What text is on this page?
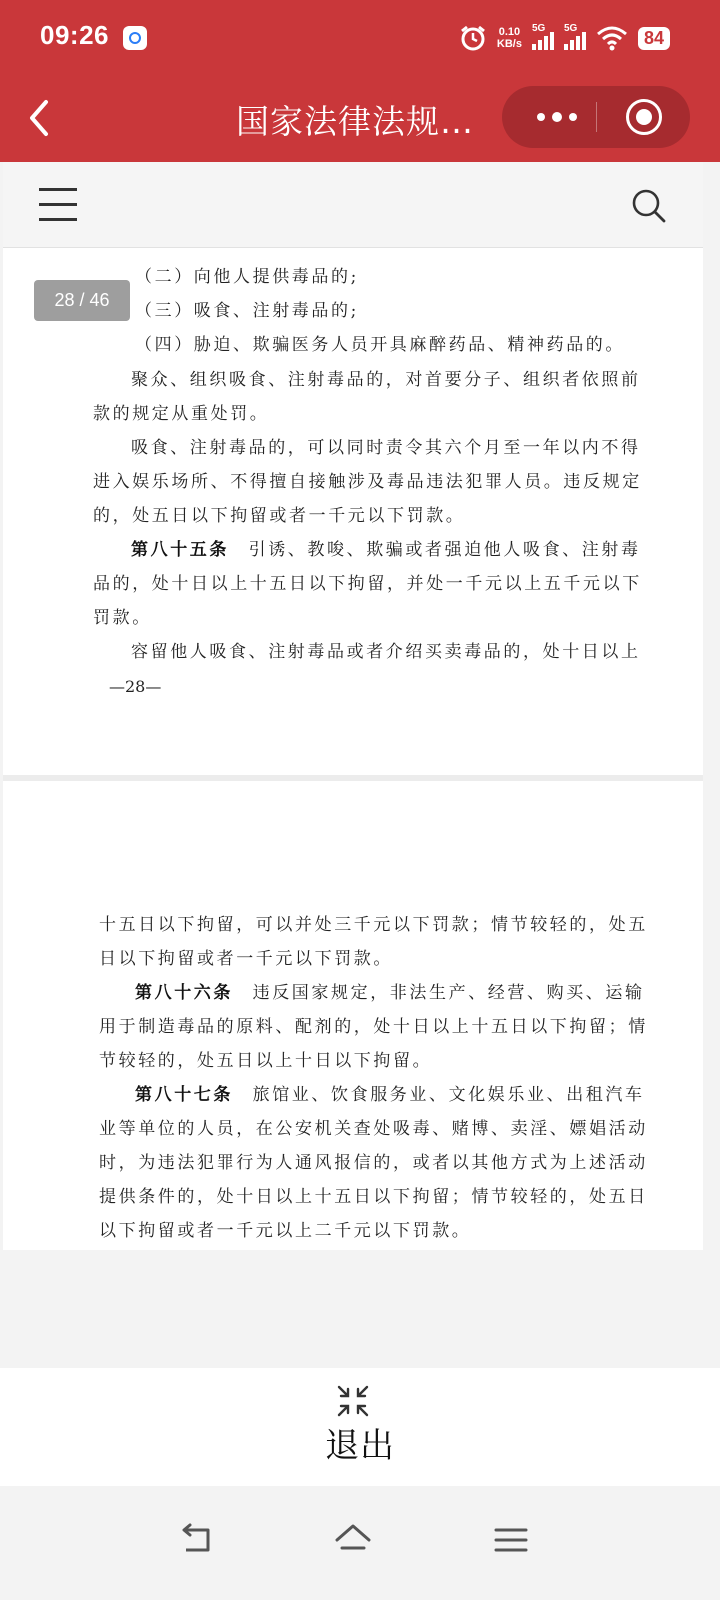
09:26	0.10
KB/s
5G 5G	84
国家法律法规…
（二）向他人提供毒品的;
（三）吸食、注射毒品的;
（四）胁迫、欺骗医务人员开具麻醉药品、精神药品的。
聚众、组织吸食、注射毒品的，对首要分子、组织者依照前
款的规定从重处罚。
吸食、注射毒品的，可以同时责令其六个月至一年以内不得
进入娱乐场所、不得擅自接触涉及毒品违法犯罪人员。违反规定
的，处五日以下拘留或者一千元以下罚款。
第八十五条　 引诱、教唆、欺骗或者强迫他人吸食、注射毒
品的，处十日以上十五日以下拘留，并处一千元以上五千元以下
罚款。
容留他人吸食、注射毒品或者介绍买卖毒品的，处十日以上
—28—
十五日以下拘留，可以并处三千元以下罚款；情节较轻的，处五
日以下拘留或者一千元以下罚款。
第八十六条　 违反国家规定，非法生产、经营、购买、运输
用于制造毒品的原料、配剂的，处十日以上十五日以下拘留；情
节较轻的，处五日以上十日以下拘留。
第八十七条　 旅馆业、饮食服务业、文化娱乐业、出租汽车
业等单位的人员，在公安机关查处吸毒、赌博、卖淫、嫖娼活动
时，为违法犯罪行为人通风报信的，或者以其他方式为上述活动
提供条件的，处十日以上十五日以下拘留；情节较轻的，处五日
以下拘留或者一千元以上二千元以下罚款。
28 / 46
退出
